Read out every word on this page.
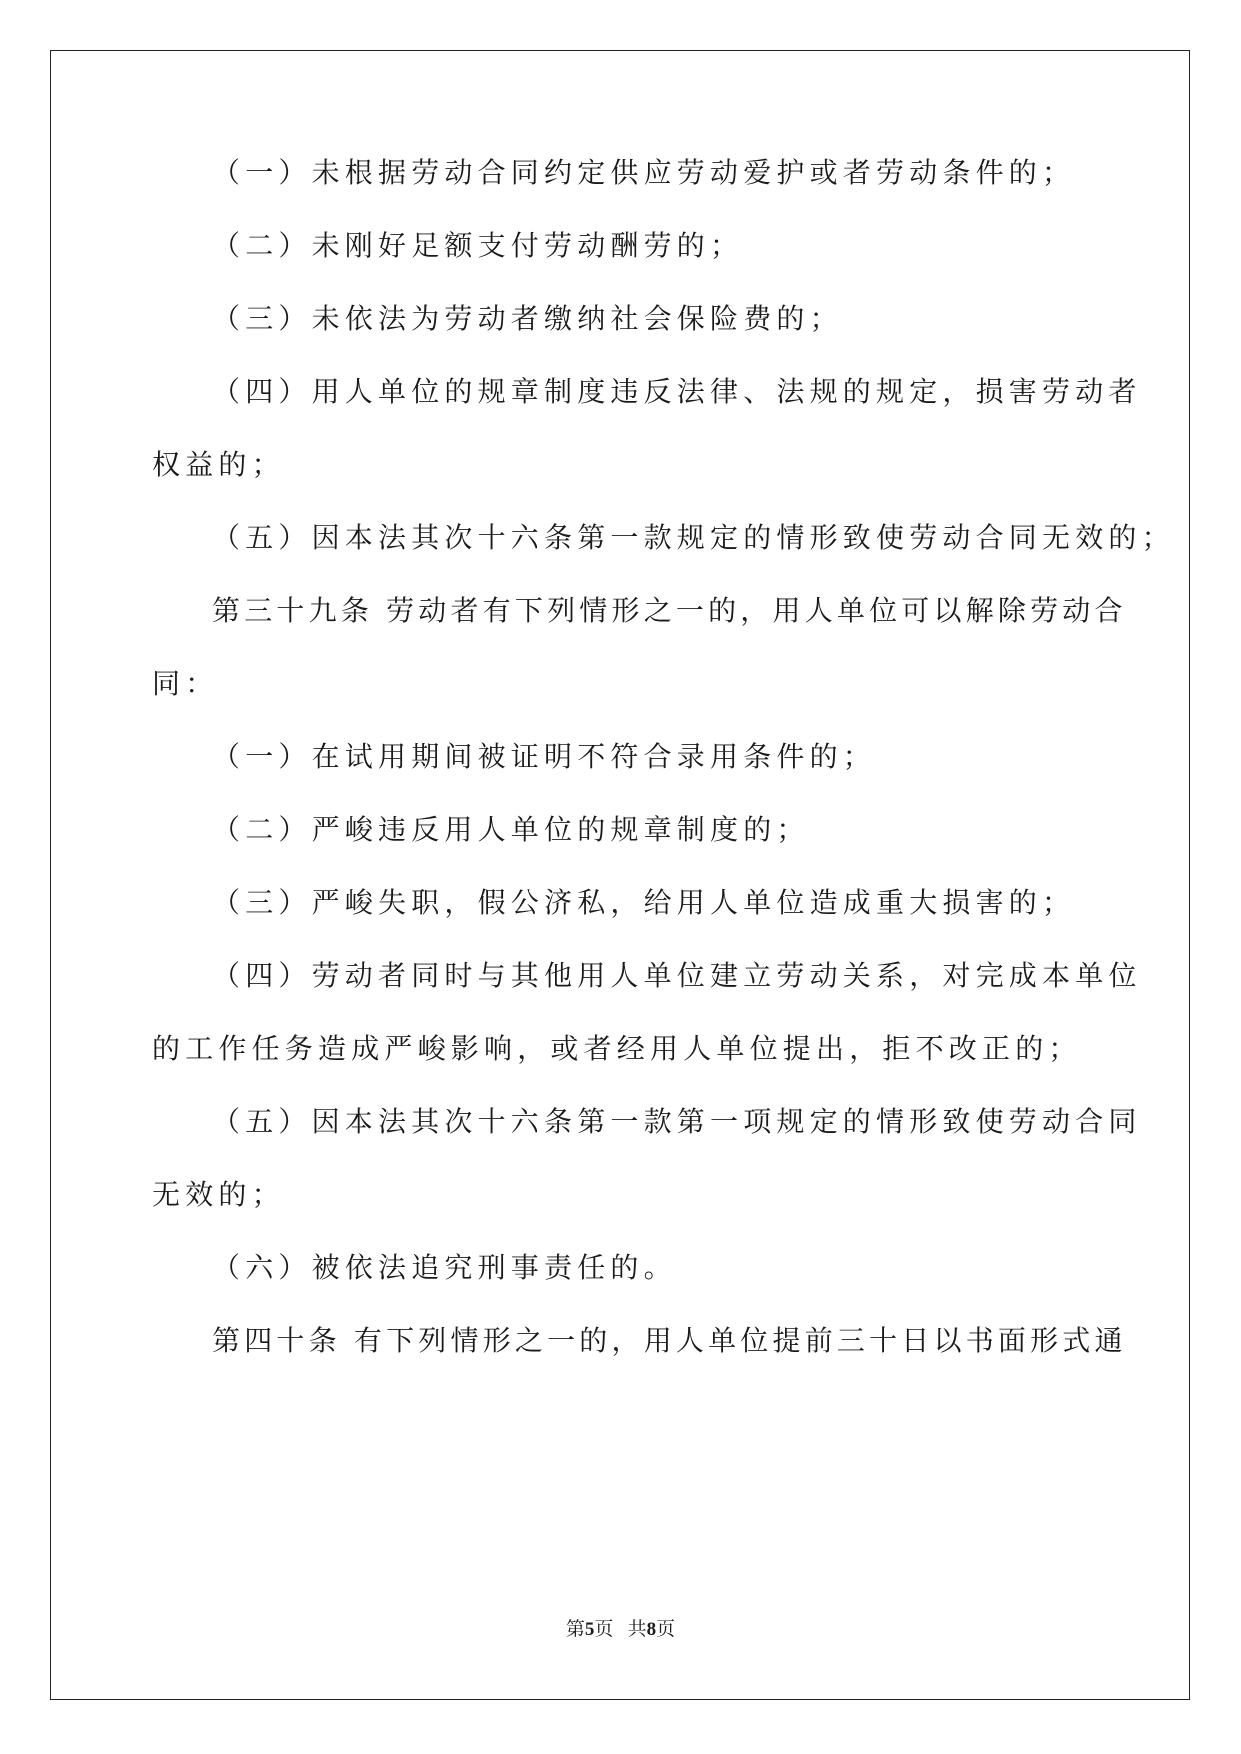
（一）未根据劳动合同约定供应劳动爱护或者劳动条件的；
（二）未刚好足额支付劳动酬劳的；
（三）未依法为劳动者缴纳社会保险费的；
（四）用人单位的规章制度违反法律、法规的规定，损害劳动者
权益的；
（五）因本法其次十六条第一款规定的情形致使劳动合同无效的；
第三十九条 劳动者有下列情形之一的，用人单位可以解除劳动合
同：
（一）在试用期间被证明不符合录用条件的；
（二）严峻违反用人单位的规章制度的；
（三）严峻失职，假公济私，给用人单位造成重大损害的；
（四）劳动者同时与其他用人单位建立劳动关系，对完成本单位
的工作任务造成严峻影响，或者经用人单位提出，拒不改正的；
（五）因本法其次十六条第一款第一项规定的情形致使劳动合同
无效的；
（六）被依法追究刑事责任的。
第四十条 有下列情形之一的，用人单位提前三十日以书面形式通
第5页 共8页
